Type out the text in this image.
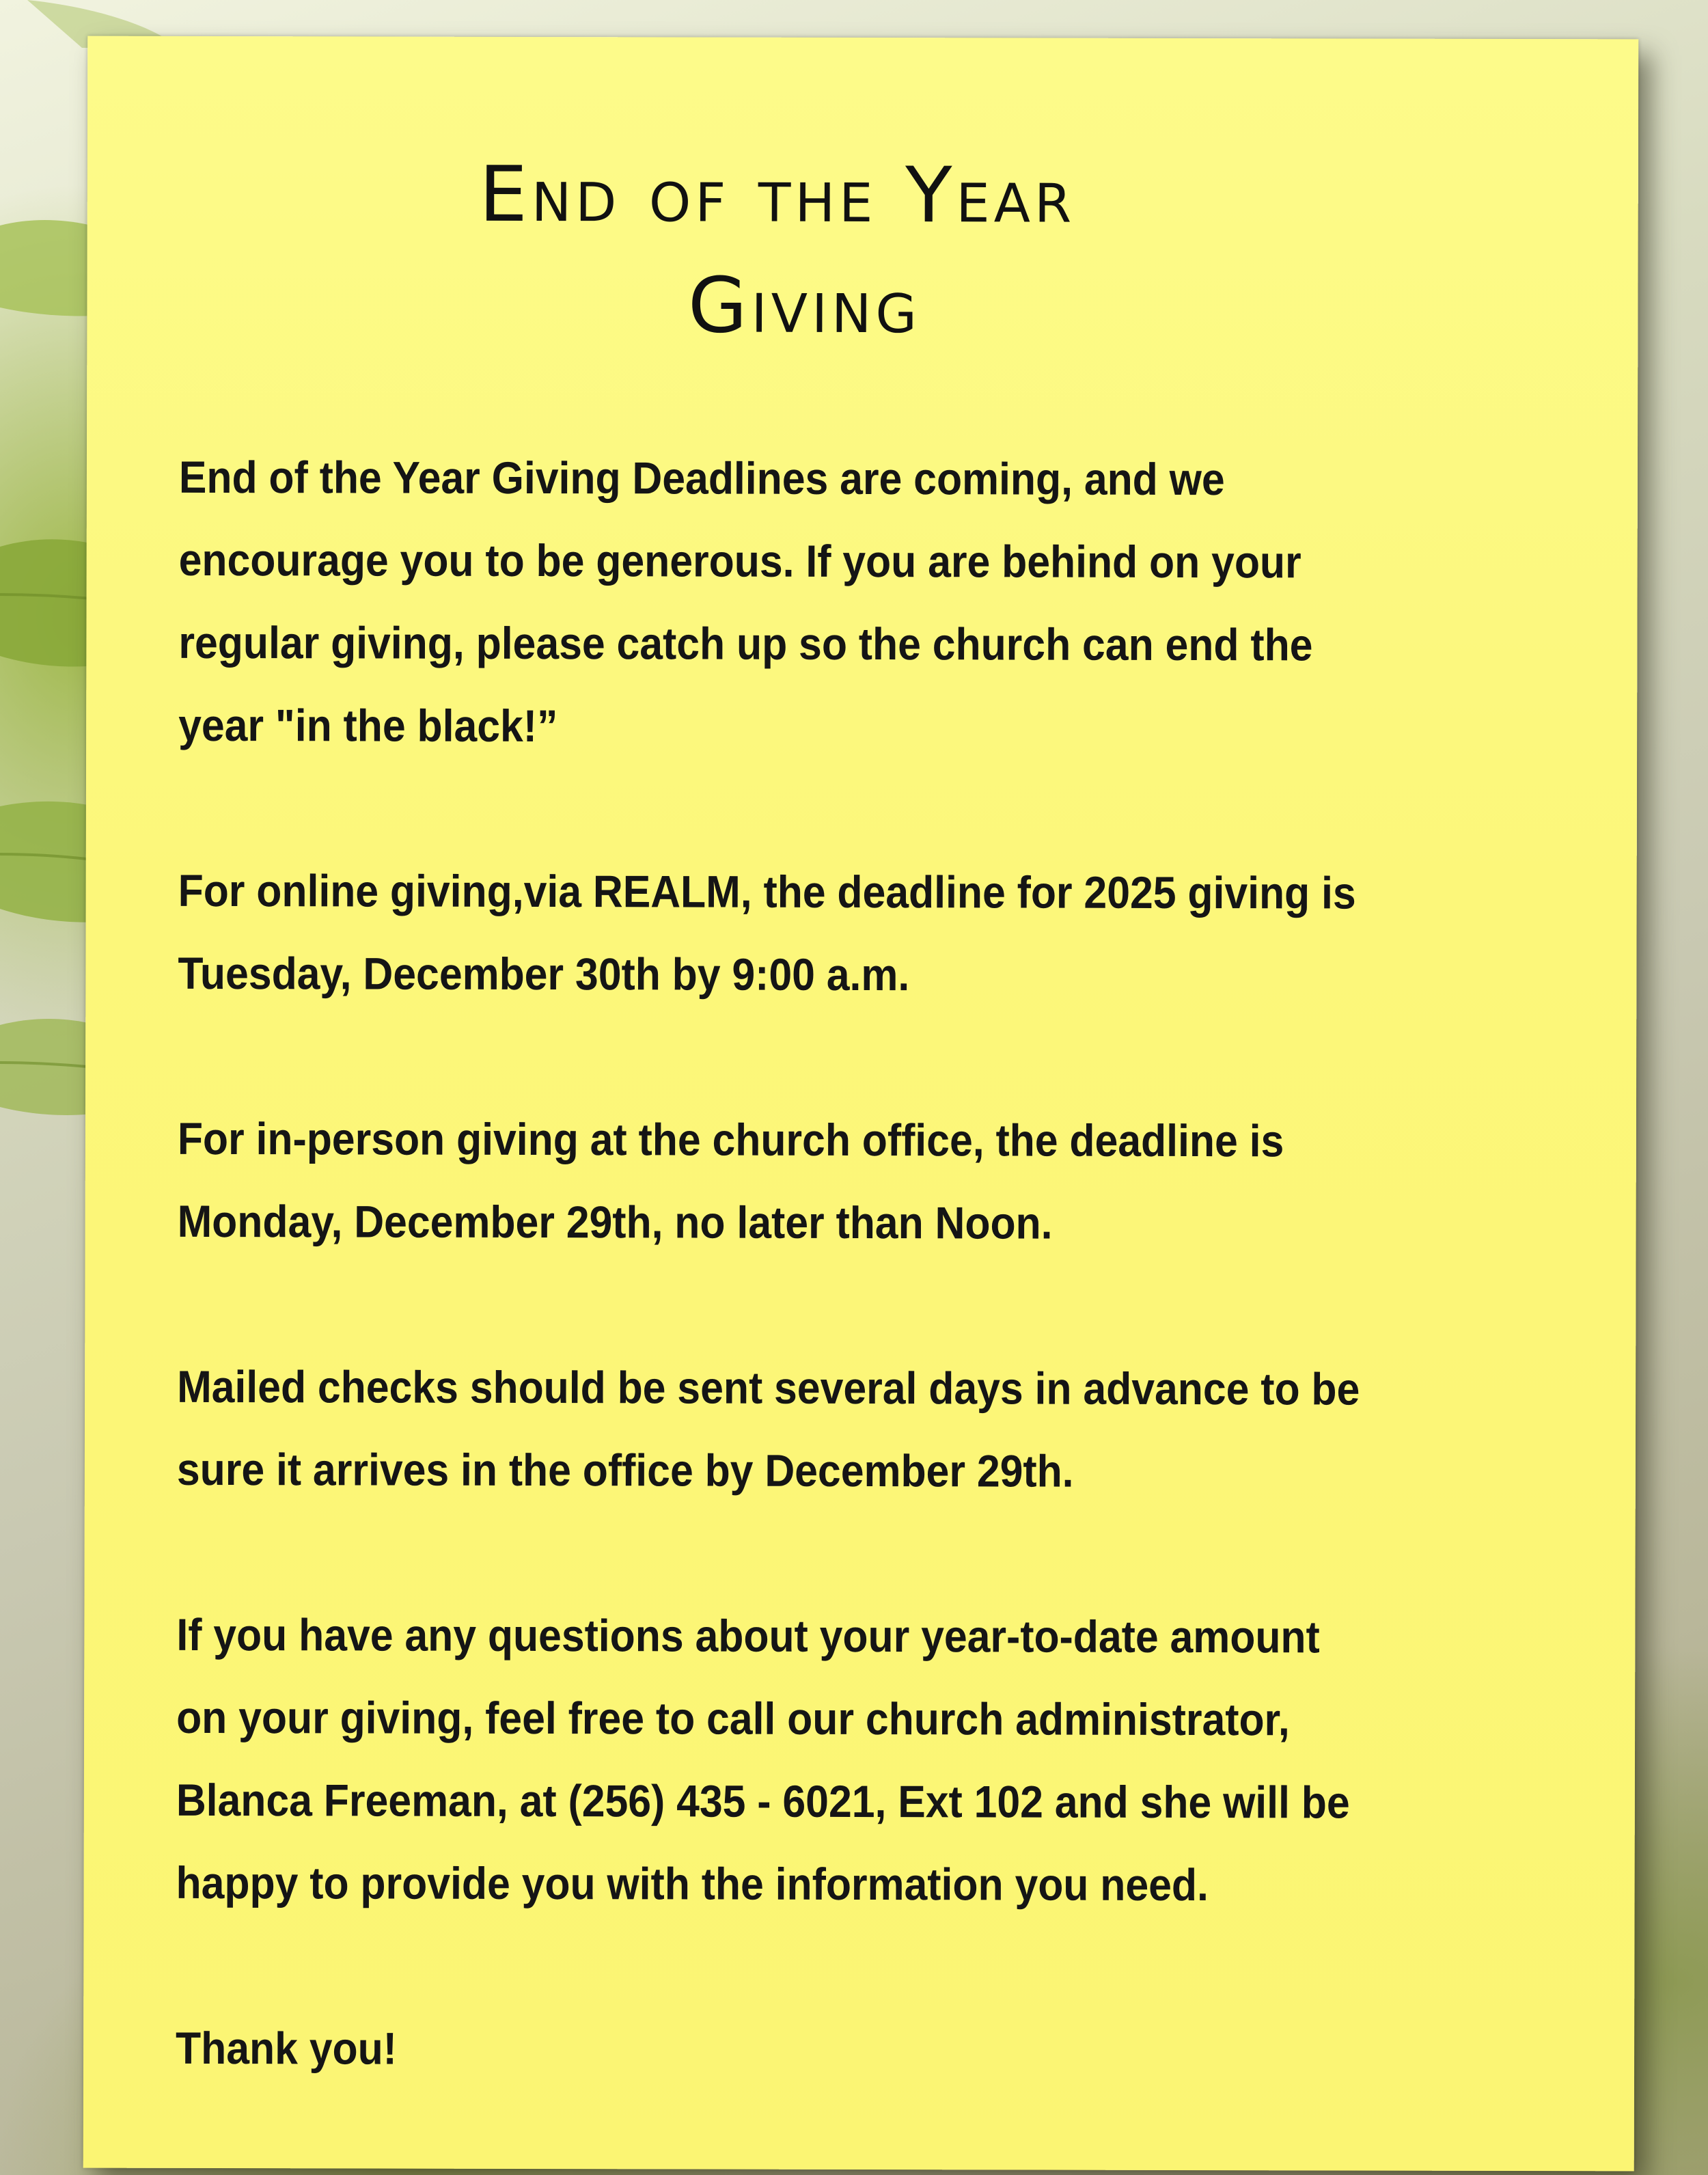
End of the Year
Giving

End of the Year Giving Deadlines are coming, and we
encourage you to be generous. If you are behind on your
regular giving, please catch up so the church can end the
year "in the black!”

For online giving,via REALM, the deadline for 2025 giving is
Tuesday, December 30th by 9:00 a.m.

For in-person giving at the church office, the deadline is
Monday, December 29th, no later than Noon.

Mailed checks should be sent several days in advance to be
sure it arrives in the office by December 29th.

If you have any questions about your year-to-date amount
on your giving, feel free to call our church administrator,
Blanca Freeman, at (256) 435 - 6021, Ext 102 and she will be
happy to provide you with the information you need.

Thank you!
